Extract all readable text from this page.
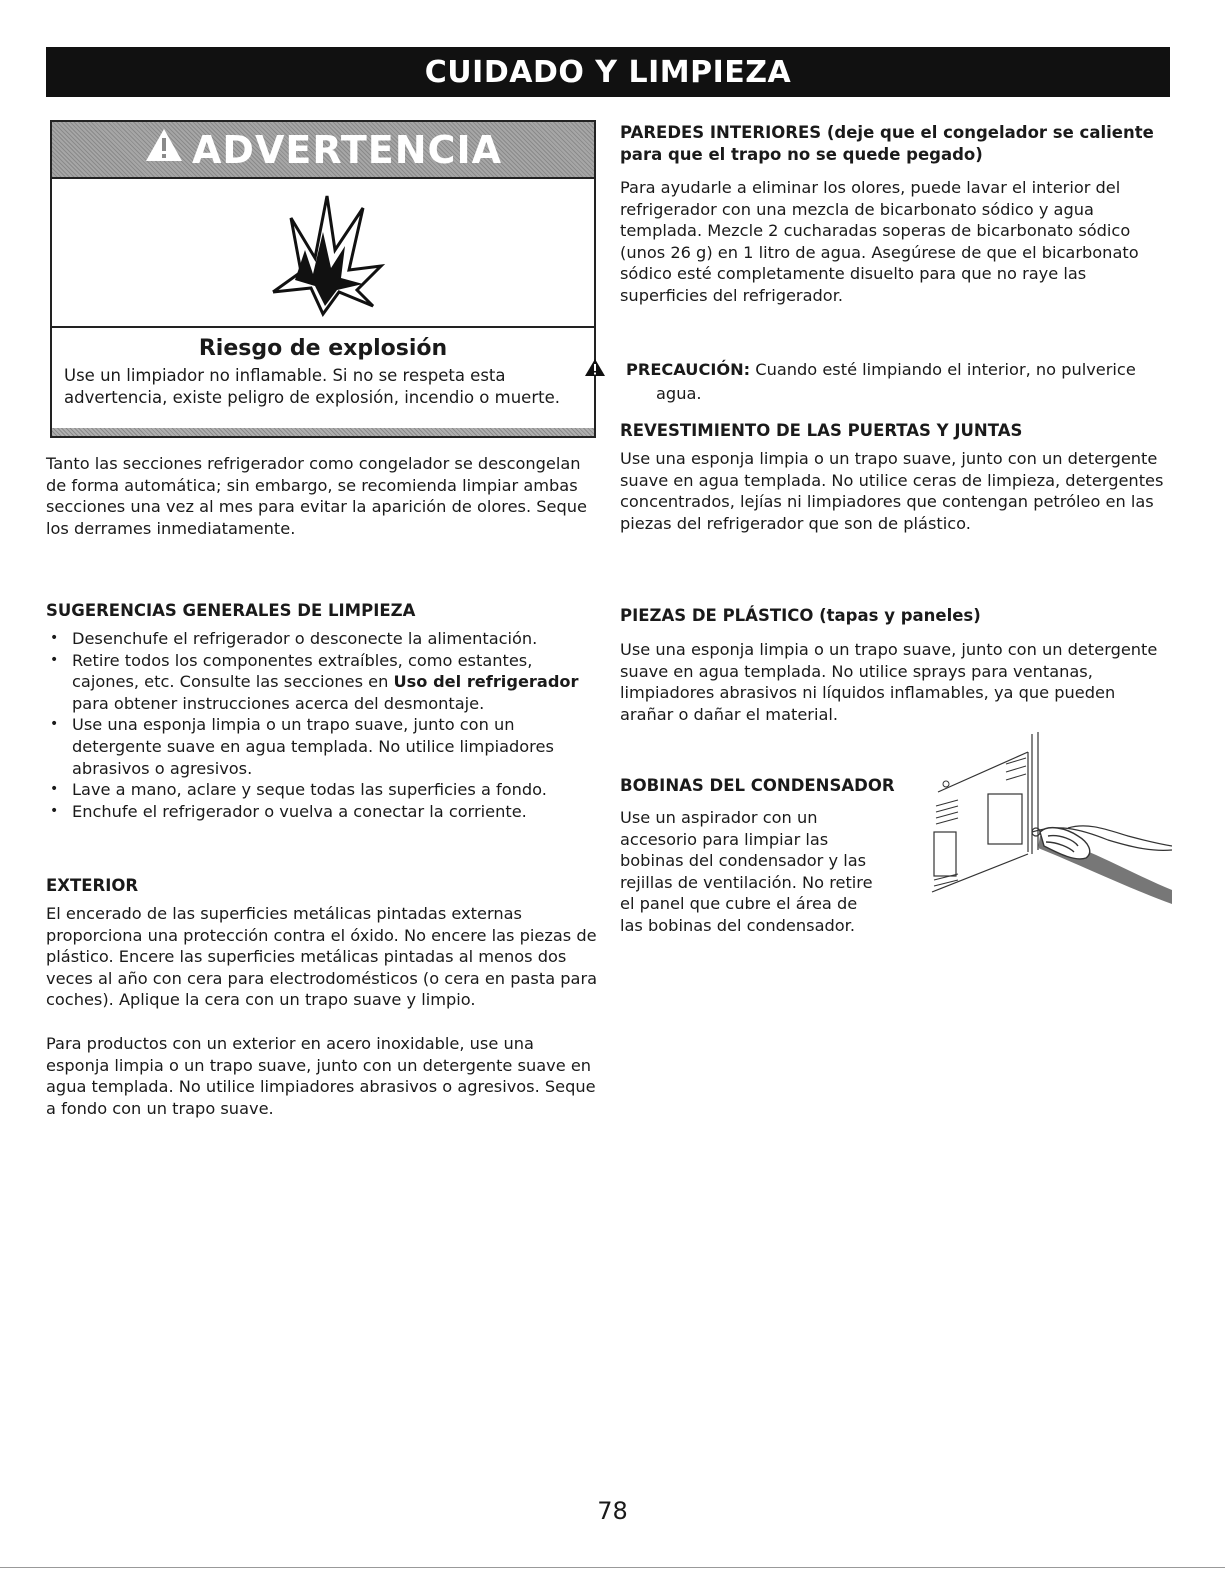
CUIDADO Y LIMPIEZA
ADVERTENCIA
Riesgo de explosión
Use un limpiador no inflamable. Si no se respeta esta advertencia, existe peligro de explosión, incendio o muerte.

Tanto las secciones refrigerador como congelador se descongelan de forma automática; sin embargo, se recomienda limpiar ambas secciones una vez al mes para evitar la aparición de olores. Seque los derrames inmediatamente.

SUGERENCIAS GENERALES DE LIMPIEZA
• Desenchufe el refrigerador o desconecte la alimentación.
• Retire todos los componentes extraíbles, como estantes, cajones, etc. Consulte las secciones en Uso del refrigerador para obtener instrucciones acerca del desmontaje.
• Use una esponja limpia o un trapo suave, junto con un detergente suave en agua templada. No utilice limpiadores abrasivos o agresivos.
• Lave a mano, aclare y seque todas las superficies a fondo.
• Enchufe el refrigerador o vuelva a conectar la corriente.
EXTERIOR

El encerado de las superficies metálicas pintadas externas proporciona una protección contra el óxido. No encere las piezas de plástico. Encere las superficies metálicas pintadas al menos dos veces al año con cera para electrodomésticos (o cera en pasta para coches). Aplique la cera con un trapo suave y limpio.

Para productos con un exterior en acero inoxidable, use una esponja limpia o un trapo suave, junto con un detergente suave en agua templada. No utilice limpiadores abrasivos o agresivos. Seque a fondo con un trapo suave.

PAREDES INTERIORES (deje que el congelador se caliente para que el trapo no se quede pegado)

Para ayudarle a eliminar los olores, puede lavar el interior del refrigerador con una mezcla de bicarbonato sódico y agua templada. Mezcle 2 cucharadas soperas de bicarbonato sódico (unos 26 g) en 1 litro de agua. Asegúrese de que el bicarbonato sódico esté completamente disuelto para que no raye las superficies del refrigerador.

PRECAUCIÓN: Cuando esté limpiando el interior, no pulverice agua.

REVESTIMIENTO DE LAS PUERTAS Y JUNTAS

Use una esponja limpia o un trapo suave, junto con un detergente suave en agua templada. No utilice ceras de limpieza, detergentes concentrados, lejías ni limpiadores que contengan petróleo en las piezas del refrigerador que son de plástico.

PIEZAS DE PLÁSTICO (tapas y paneles)

Use una esponja limpia o un trapo suave, junto con un detergente suave en agua templada. No utilice sprays para ventanas, limpiadores abrasivos ni líquidos inflamables, ya que pueden arañar o dañar el material.

BOBINAS DEL CONDENSADOR

Use un aspirador con un accesorio para limpiar las bobinas del condensador y las rejillas de ventilación. No retire el panel que cubre el área de las bobinas del condensador.

78
